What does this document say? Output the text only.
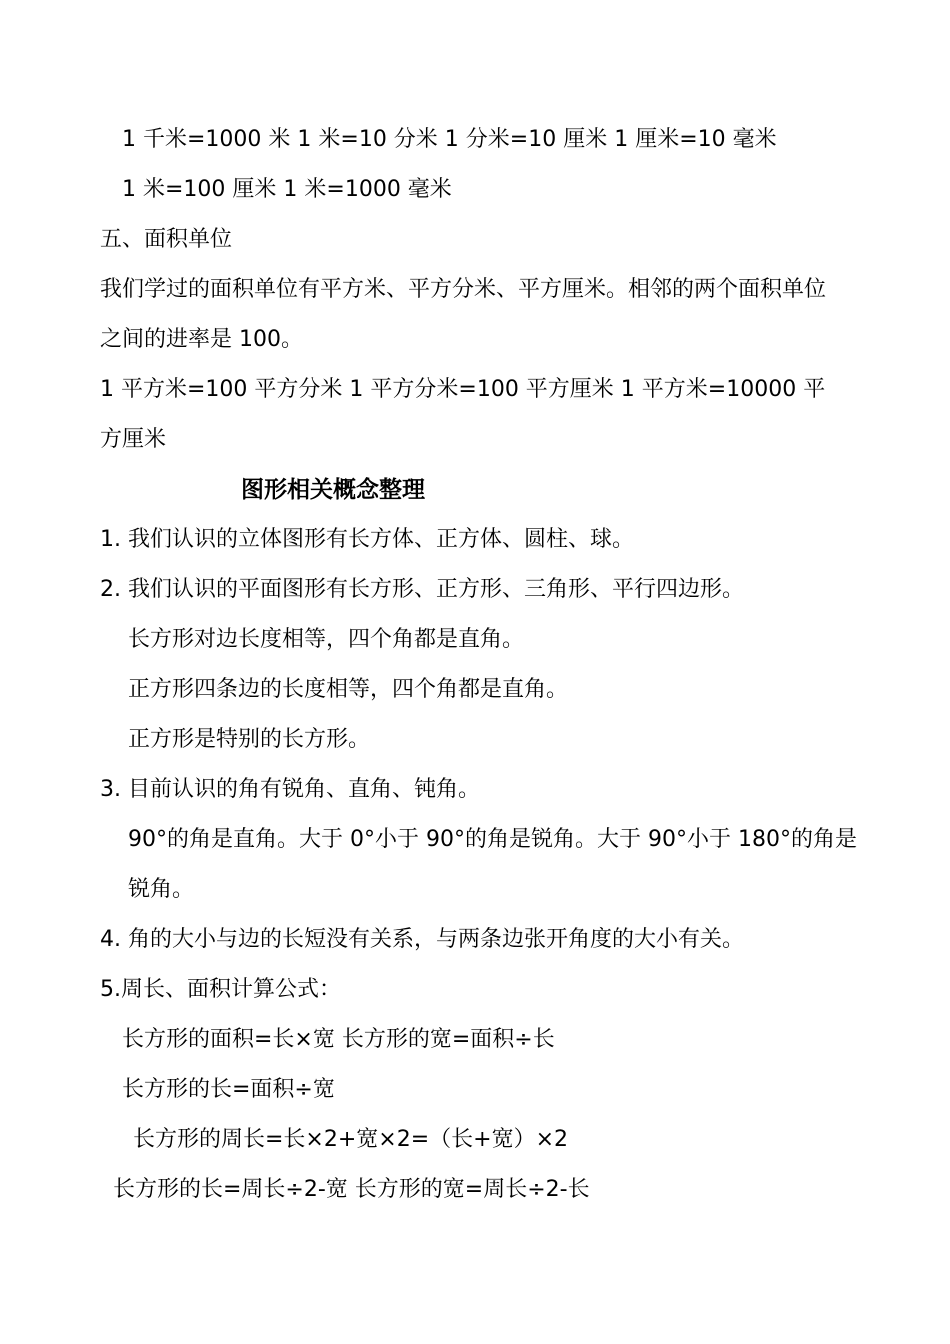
1 千米=1000 米 1 米=10 分米 1 分米=10 厘米 1 厘米=10 毫米
1 米=100 厘米 1 米=1000 毫米
五、面积单位
我们学过的面积单位有平方米、平方分米、平方厘米。相邻的两个面积单位
之间的进率是 100。
1 平方米=100 平方分米 1 平方分米=100 平方厘米 1 平方米=10000 平
方厘米
图形相关概念整理
1. 我们认识的立体图形有长方体、正方体、圆柱、球。
2. 我们认识的平面图形有长方形、正方形、三角形、平行四边形。
长方形对边长度相等，四个角都是直角。
正方形四条边的长度相等，四个角都是直角。
正方形是特别的长方形。
3. 目前认识的角有锐角、直角、钝角。
90°的角是直角。大于 0°小于 90°的角是锐角。大于 90°小于 180°的角是
锐角。
4. 角的大小与边的长短没有关系，与两条边张开角度的大小有关。
5.周长、面积计算公式：
长方形的面积=长×宽 长方形的宽=面积÷长
长方形的长=面积÷宽
长方形的周长=长×2+宽×2=（长+宽）×2
长方形的长=周长÷2-宽 长方形的宽=周长÷2-长
